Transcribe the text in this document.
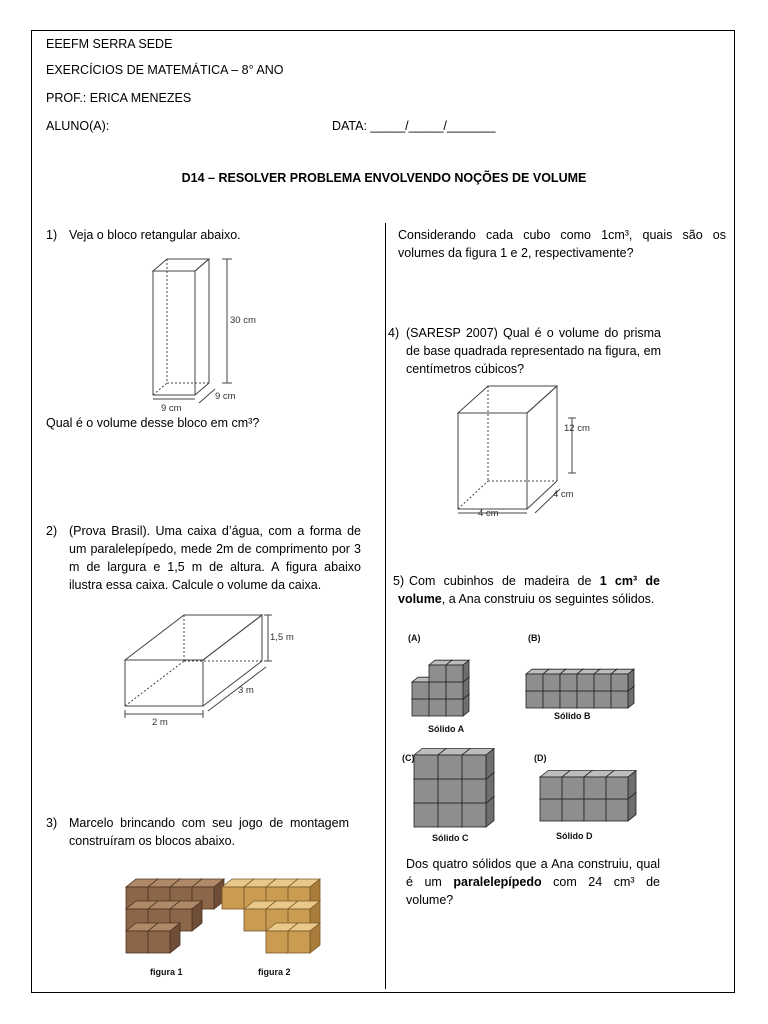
EEEFM SERRA SEDE
EXERCÍCIOS DE MATEMÁTICA – 8° ANO
PROF.: ERICA MENEZES
ALUNO(A):	DATA: _____/_____/_______
D14 – RESOLVER PROBLEMA ENVOLVENDO NOÇÕES DE VOLUME
1) Veja o bloco retangular abaixo.
30 cm
9 cm
9 cm
Qual é o volume desse bloco em cm³?
2) (Prova Brasil). Uma caixa d’água, com a forma de um paralelepípedo, mede 2m de comprimento por 3 m de largura e 1,5 m de altura. A figura abaixo ilustra essa caixa. Calcule o volume da caixa.
1,5 m
3 m
2 m
3) Marcelo brincando com seu jogo de montagem construíram os blocos abaixo.
figura 1	figura 2
Considerando cada cubo como 1cm³, quais são os volumes da figura 1 e 2, respectivamente?
4) (SARESP 2007) Qual é o volume do prisma de base quadrada representado na figura, em centímetros cúbicos?
12 cm
4 cm
4 cm
5) Com cubinhos de madeira de 1 cm³ de volume, a Ana construiu os seguintes sólidos.
(A)	(B)
(C)	(D)
Sólido A
Sólido B
Sólido C	Sólido D
Dos quatro sólidos que a Ana construiu, qual é um paralelepípedo com 24 cm³ de volume?
